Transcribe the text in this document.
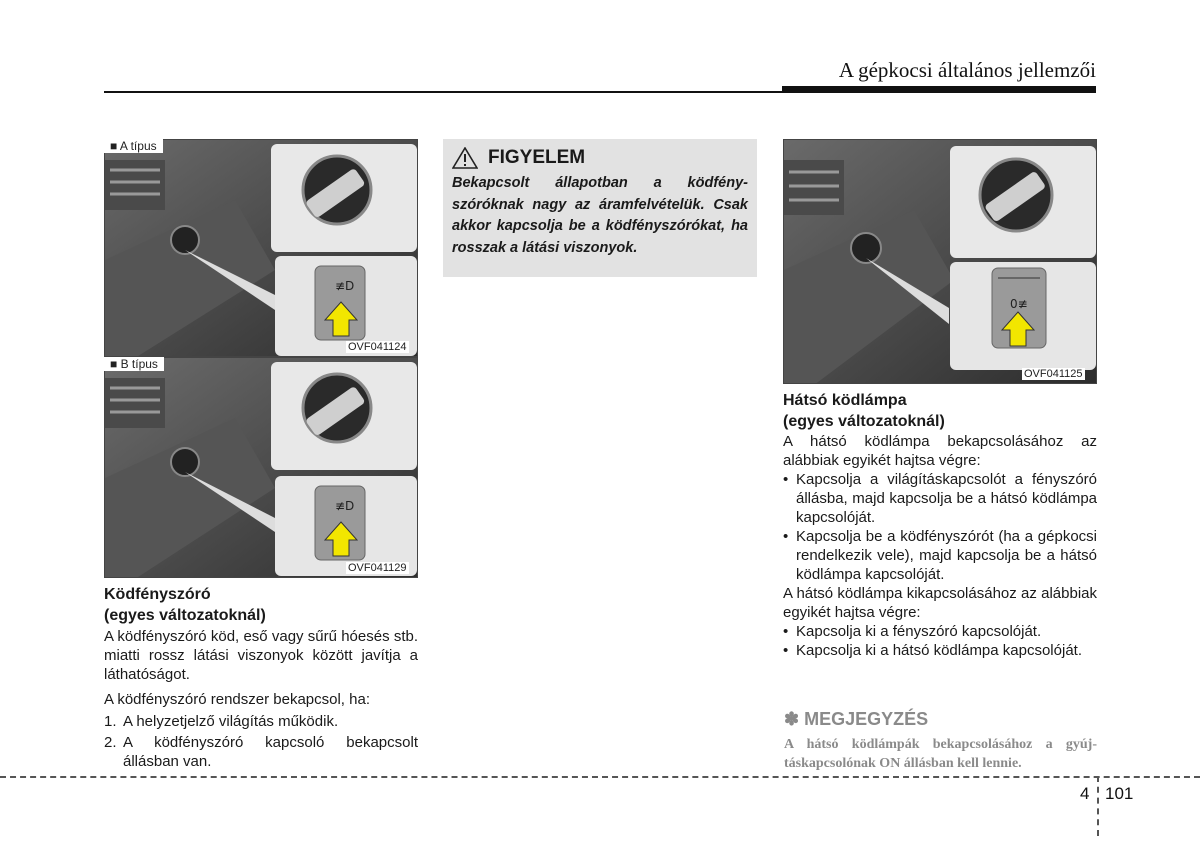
A gépkocsi általános jellemzői
≢D
■ A típus
OVF041124
≢D
■ B típus
OVF041129
FIGYELEM
Bekapcsolt állapotban a ködfényszóróknak nagy az áramfelvételük. Csak akkor kapcsolja be a ködfényszórókat, ha rosszak a látási viszonyok.
0≢
OVF041125
Ködfényszóró
(egyes változatoknál)

A ködfényszóró köd, eső vagy sűrű hóesés stb. miatti rossz látási viszonyok között javítja a láthatóságot.

A ködfényszóró rendszer bekapcsol, ha:

1. A helyzetjelző világítás működik.
2. A ködfényszóró kapcsoló bekapcsolt állásban van.
Hátsó ködlámpa
(egyes változatoknál)

A hátsó ködlámpa bekapcsolásához az alábbiak egyikét hajtsa végre:

• Kapcsolja a világításkapcsolót a fényszóró állásba, majd kapcsolja be a hátsó ködlámpa kapcsolóját.
• Kapcsolja be a ködfényszórót (ha a gépkocsi rendelkezik vele), majd kapcsolja be a hátsó ködlámpa kapcsolóját.

A hátsó ködlámpa kikapcsolásához az alábbiak egyikét hajtsa végre:

• Kapcsolja ki a fényszóró kapcsolóját.
• Kapcsolja ki a hátsó ködlámpa kapcsolóját.
✽ MEGJEGYZÉS
A hátsó ködlámpák bekapcsolásához a gyújtáskapcsolónak ON állásban kell lennie.
4 101
